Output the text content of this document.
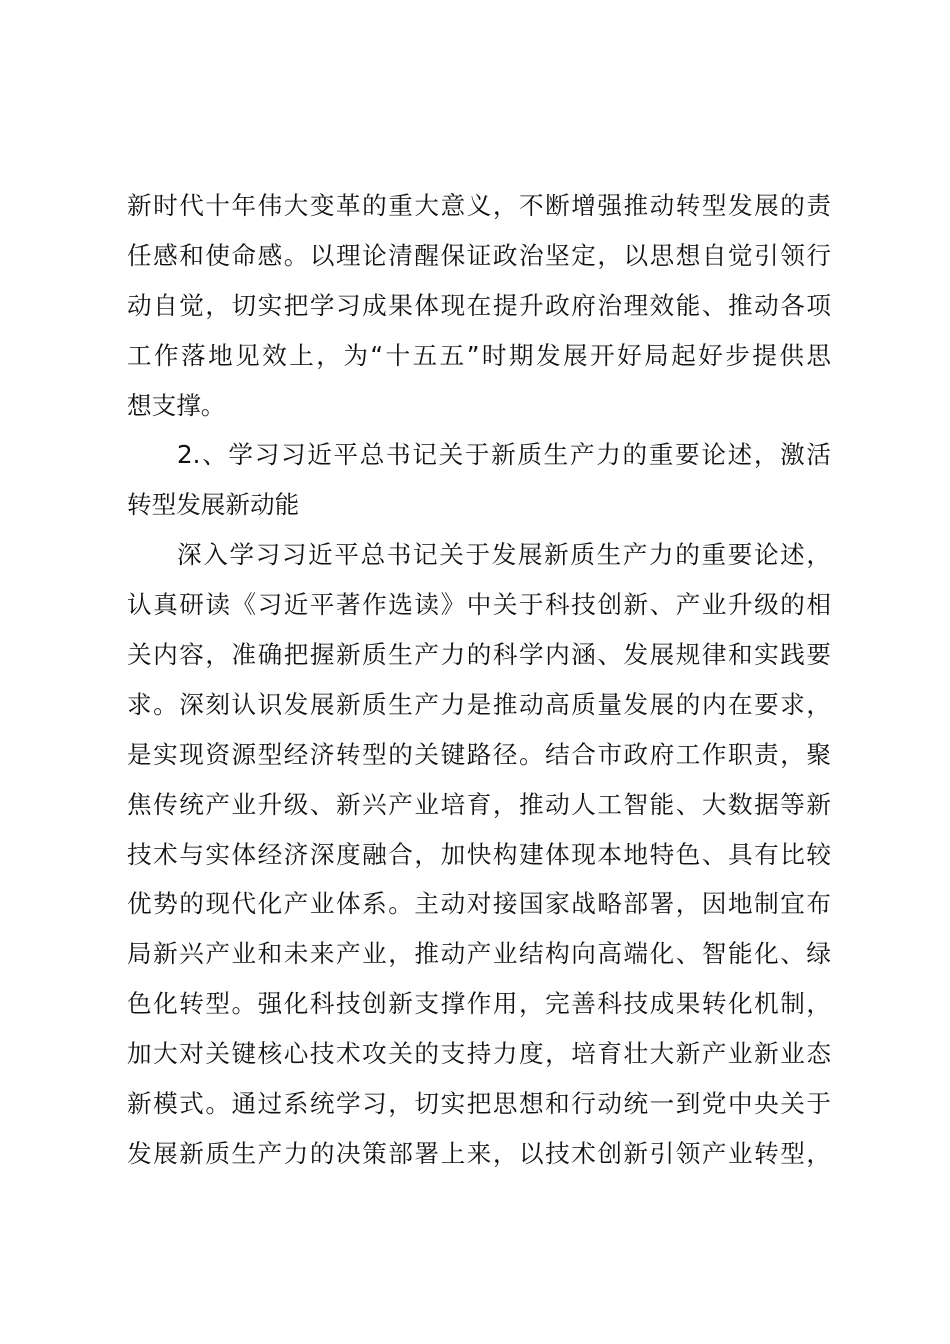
新时代十年伟大变革的重大意义，不断增强推动转型发展的责
任感和使命感。以理论清醒保证政治坚定，以思想自觉引领行
动自觉，切实把学习成果体现在提升政府治理效能、推动各项
工作落地见效上，为“十五五”时期发展开好局起好步提供思
想支撑。
2.、学习习近平总书记关于新质生产力的重要论述，激活
转型发展新动能
深入学习习近平总书记关于发展新质生产力的重要论述，
认真研读《习近平著作选读》中关于科技创新、产业升级的相
关内容，准确把握新质生产力的科学内涵、发展规律和实践要
求。深刻认识发展新质生产力是推动高质量发展的内在要求，
是实现资源型经济转型的关键路径。结合市政府工作职责，聚
焦传统产业升级、新兴产业培育，推动人工智能、大数据等新
技术与实体经济深度融合，加快构建体现本地特色、具有比较
优势的现代化产业体系。主动对接国家战略部署，因地制宜布
局新兴产业和未来产业，推动产业结构向高端化、智能化、绿
色化转型。强化科技创新支撑作用，完善科技成果转化机制，
加大对关键核心技术攻关的支持力度，培育壮大新产业新业态
新模式。通过系统学习，切实把思想和行动统一到党中央关于
发展新质生产力的决策部署上来，以技术创新引领产业转型，
